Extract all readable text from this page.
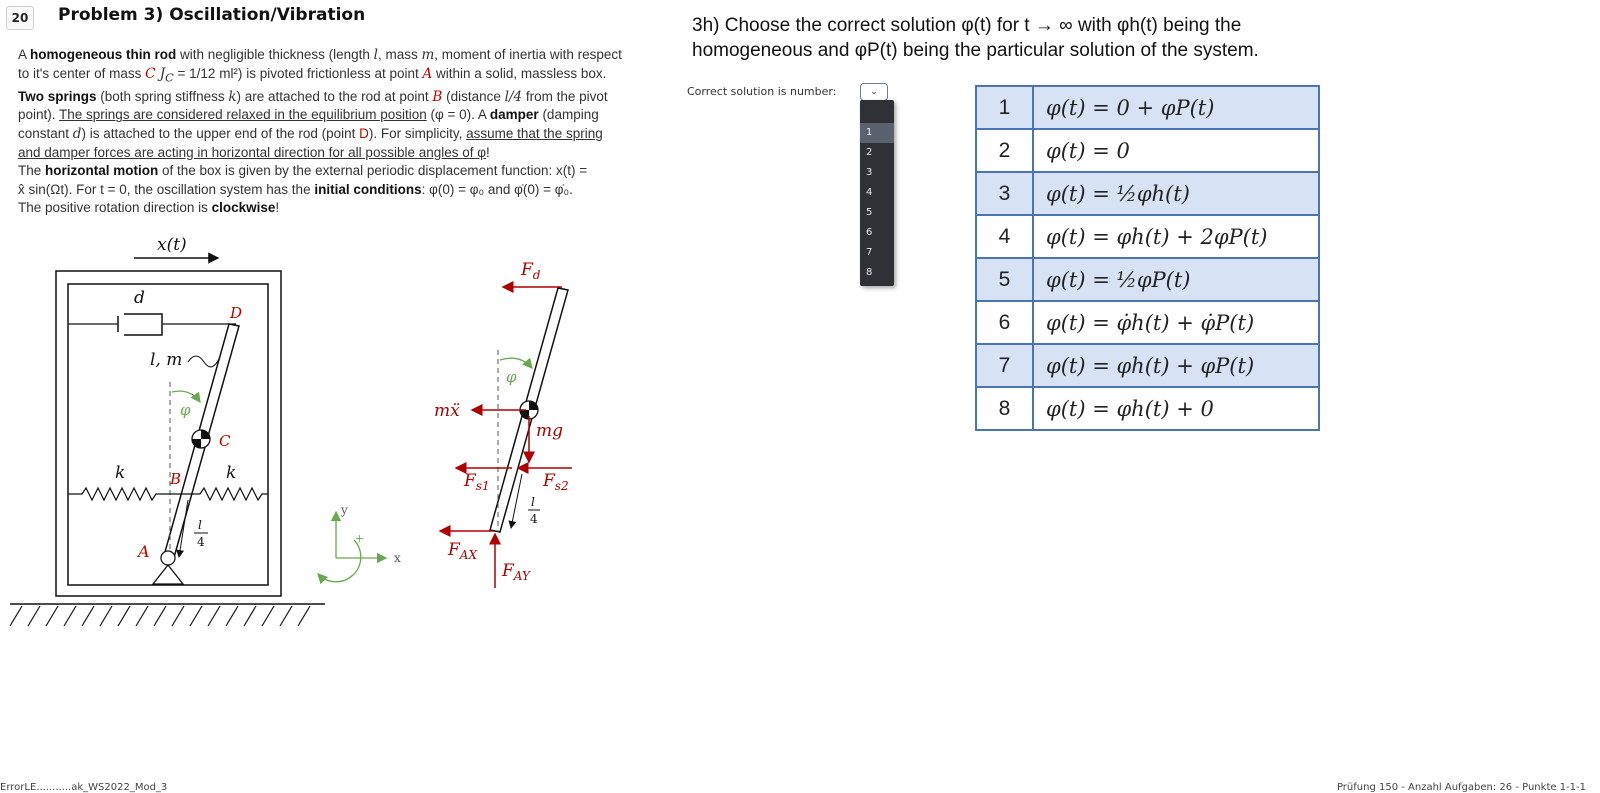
20	Problem 3) Oscillation/Vibration
A homogeneous thin rod with negligible thickness (length l, mass m, moment of inertia with respect
to it's center of mass C $J_C = 1/12$ ml²) is pivoted frictionless at point A within a solid, massless box.
Two springs (both spring stiffness k) are attached to the rod at point B (distance l/4 from the pivot
point). The springs are considered relaxed in the equilibrium position (φ = 0). A damper (damping
constant d) is attached to the upper end of the rod (point D). For simplicity, assume that the spring
and damper forces are acting in horizontal direction for all possible angles of φ!
The horizontal motion of the box is given by the external periodic displacement function: x(t) =
x̂ sin(Ωt). For t = 0, the oscillation system has the initial conditions: φ(0) = φ₀ and φ̇(0) = φ̇₀.
The positive rotation direction is clockwise!
x(t)
d
D
φ
l, m
C
k	k
B
l
4
A
y
x
+
φ
$F_d$
mẍ
mg
$F_{s1}$	$F_{s2}$
l
4
$F_{AX}$
$F_{AY}$
3h) Choose the correct solution φ(t) for t → ∞ with φh(t) being the
homogeneous and φP(t) being the particular solution of the system.
Correct solution is number:	⌄
1
2
3
4
5
6
7
8
1	φ(t) = 0 + φP(t)
2	φ(t) = 0
3	φ(t) = ½φh(t)
4	φ(t) = φh(t) + 2φP(t)
5	φ(t) = ½φP(t)
6	φ(t) = φ̇h(t) + φ̇P(t)
7	φ(t) = φh(t) + φP(t)
8	φ(t) = φh(t) + 0
ErrorLE...........ak_WS2022_Mod_3	Prüfung 150 - Anzahl Aufgaben: 26 - Punkte 1-1-1
